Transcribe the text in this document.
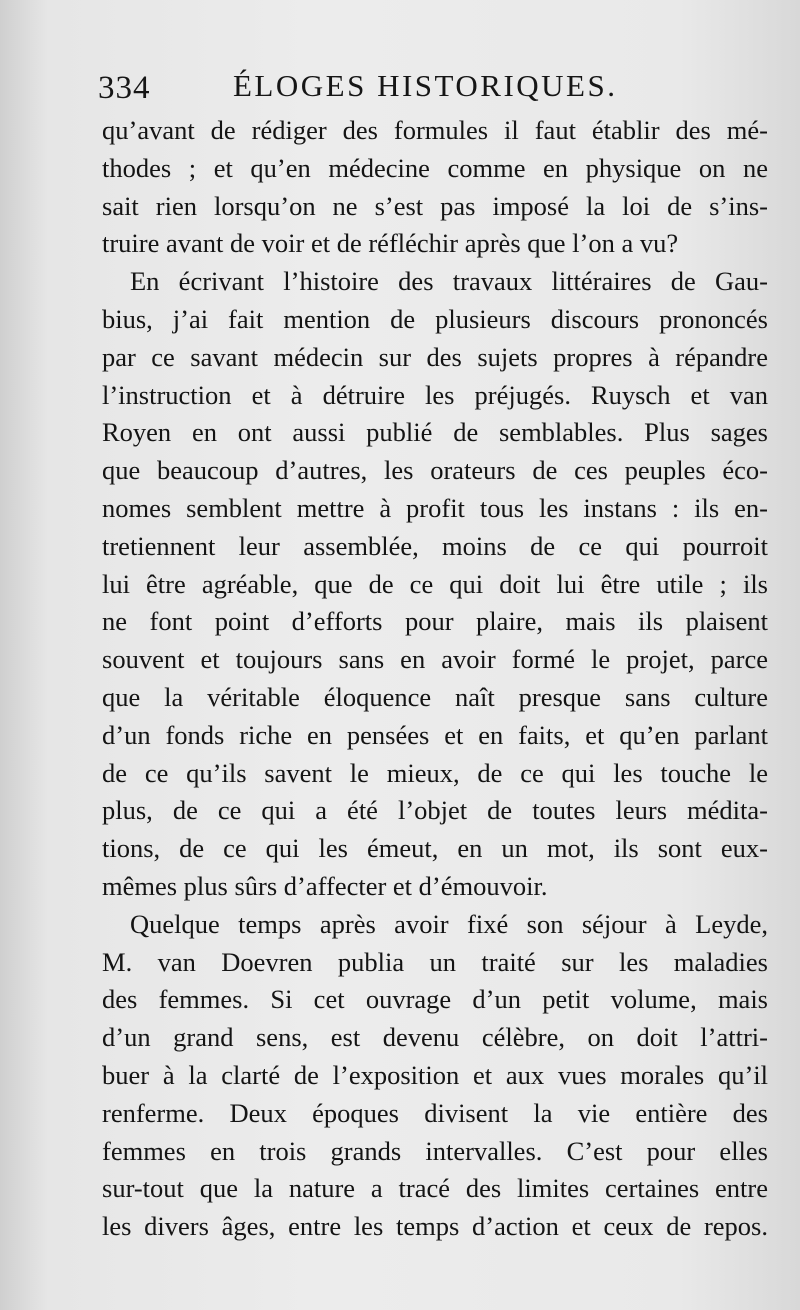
334	ÉLOGES HISTORIQUES.
qu’avant de rédiger des formules il faut établir des mé-
thodes ; et qu’en médecine comme en physique on ne
sait rien lorsqu’on ne s’est pas imposé la loi de s’ins-
truire avant de voir et de réfléchir après que l’on a vu?
En écrivant l’histoire des travaux littéraires de Gau-
bius, j’ai fait mention de plusieurs discours prononcés
par ce savant médecin sur des sujets propres à répandre
l’instruction et à détruire les préjugés. Ruysch et van
Royen en ont aussi publié de semblables. Plus sages
que beaucoup d’autres, les orateurs de ces peuples éco-
nomes semblent mettre à profit tous les instans : ils en-
tretiennent leur assemblée, moins de ce qui pourroit
lui être agréable, que de ce qui doit lui être utile ; ils
ne font point d’efforts pour plaire, mais ils plaisent
souvent et toujours sans en avoir formé le projet, parce
que la véritable éloquence naît presque sans culture
d’un fonds riche en pensées et en faits, et qu’en parlant
de ce qu’ils savent le mieux, de ce qui les touche le
plus, de ce qui a été l’objet de toutes leurs médita-
tions, de ce qui les émeut, en un mot, ils sont eux-
mêmes plus sûrs d’affecter et d’émouvoir.
Quelque temps après avoir fixé son séjour à Leyde,
M. van Doevren publia un traité sur les maladies
des femmes. Si cet ouvrage d’un petit volume, mais
d’un grand sens, est devenu célèbre, on doit l’attri-
buer à la clarté de l’exposition et aux vues morales qu’il
renferme. Deux époques divisent la vie entière des
femmes en trois grands intervalles. C’est pour elles
sur-tout que la nature a tracé des limites certaines entre
les divers âges, entre les temps d’action et ceux de repos.
